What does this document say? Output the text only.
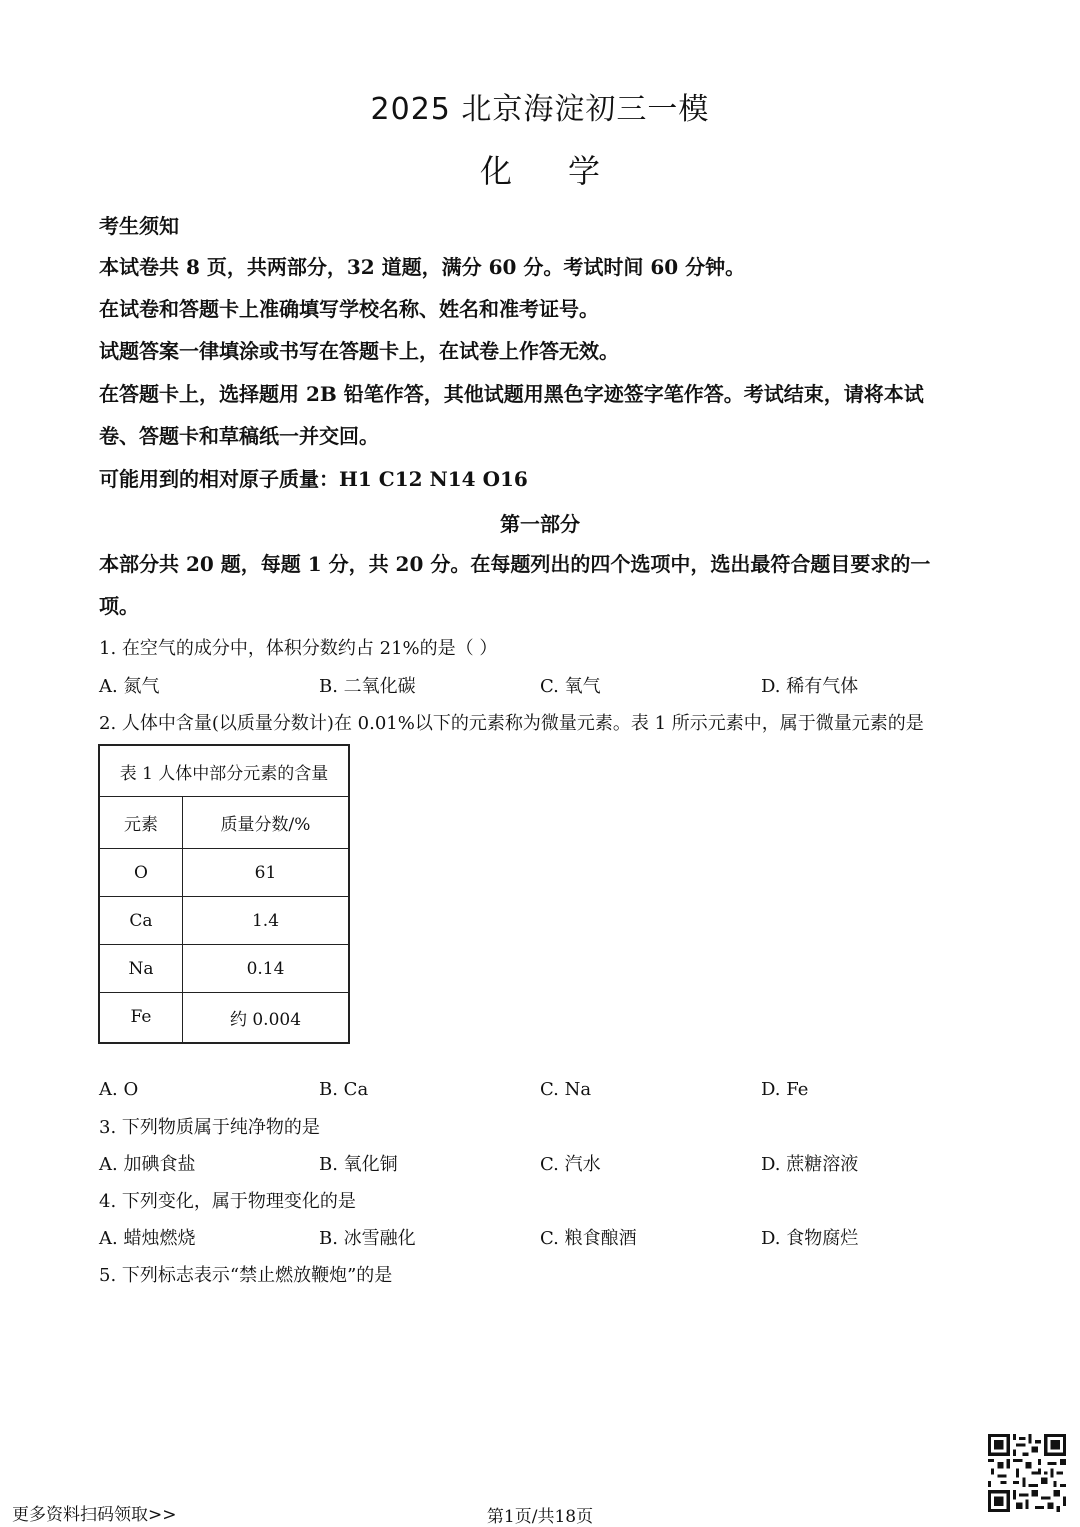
2025 北京海淀初三一模
化学
考生须知
本试卷共 8 页，共两部分，32 道题，满分 60 分。考试时间 60 分钟。
在试卷和答题卡上准确填写学校名称、姓名和准考证号。
试题答案一律填涂或书写在答题卡上，在试卷上作答无效。
在答题卡上，选择题用 2B 铅笔作答，其他试题用黑色字迹签字笔作答。考试结束，请将本试
卷、答题卡和草稿纸一并交回。
可能用到的相对原子质量：H1 C12 N14 O16
第一部分
本部分共 20 题，每题 1 分，共 20 分。在每题列出的四个选项中，选出最符合题目要求的一
项。
1. 在空气的成分中，体积分数约占 21%的是（ ）
A. 氮气	B. 二氧化碳	C. 氧气	D. 稀有气体
2. 人体中含量(以质量分数计)在 0.01%以下的元素称为微量元素。表 1 所示元素中，属于微量元素的是
表 1 人体中部分元素的含量	
元素	质量分数/%
O	61
Ca	1.4
Na	0.14
Fe	约 0.004
A. O	B. Ca	C. Na	D. Fe
3. 下列物质属于纯净物的是
A. 加碘食盐	B. 氧化铜	C. 汽水	D. 蔗糖溶液
4. 下列变化，属于物理变化的是
A. 蜡烛燃烧	B. 冰雪融化	C. 粮食酿酒	D. 食物腐烂
5. 下列标志表示“禁止燃放鞭炮”的是
更多资料扫码领取>>	第1页/共18页
